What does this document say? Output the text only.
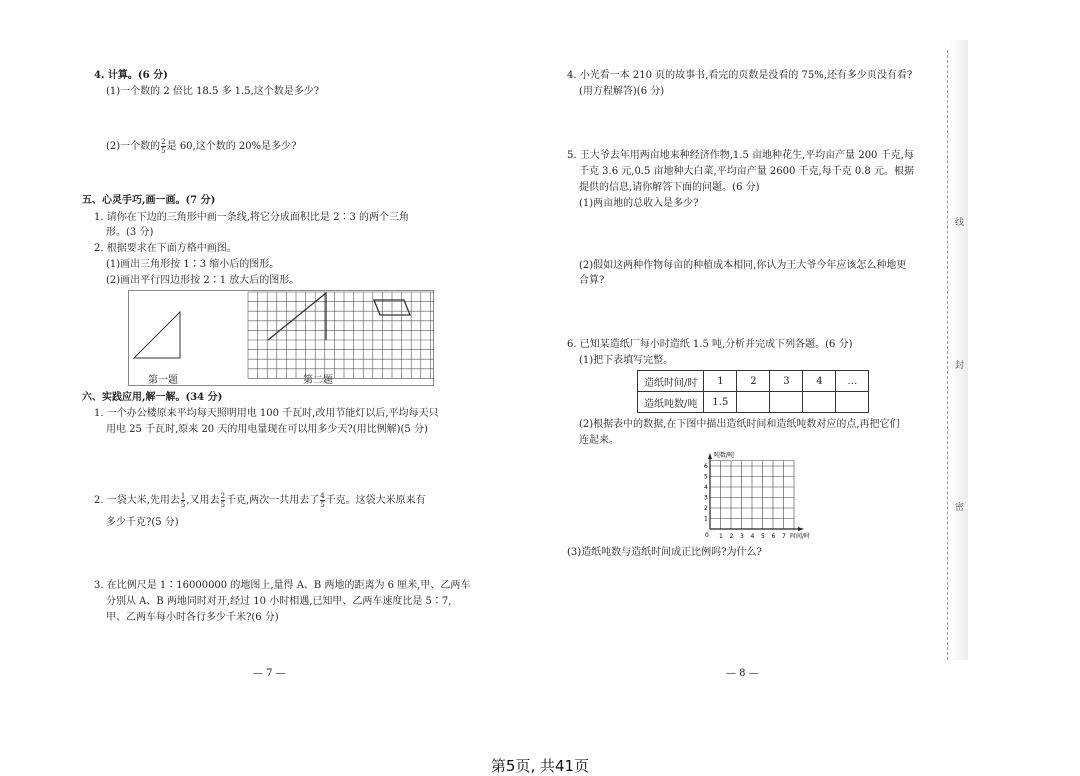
线
封
密
4. 计算。(6 分)
(1)一个数的 2 倍比 18.5 多 1.5,这个数是多少?
(2)一个数的 $\frac{2}{5}$ 是 60,这个数的 20%是多少?
五、心灵手巧,画一画。(7 分)
1. 请你在下边的三角形中画一条线,将它分成面积比是 2∶3 的两个三角
形。(3 分)
2. 根据要求在下面方格中画图。
(1)画出三角形按 1∶3 缩小后的图形。
(2)画出平行四边形按 2∶1 放大后的图形。
第一题	第二题
六、实践应用,解一解。(34 分)
1. 一个办公楼原来平均每天照明用电 100 千瓦时,改用节能灯以后,平均每天只
用电 25 千瓦时,原来 20 天的用电量现在可以用多少天?(用比例解)(5 分)
2. 一袋大米,先用去 $\frac{1}{5}$ ,又用去 $\frac{2}{5}$ 千克,两次一共用去了 $\frac{4}{5}$ 千克。这袋大米原来有
多少千克?(5 分)
3. 在比例尺是 1∶16000000 的地图上,量得 A、B 两地的距离为 6 厘米,甲、乙两车
分别从 A、B 两地同时对开,经过 10 小时相遇,已知甲、乙两车速度比是 5∶7,
甲、乙两车每小时各行多少千米?(6 分)
— 7 —
4. 小光看一本 210 页的故事书,看完的页数是没看的 75%,还有多少页没有看?
(用方程解答)(6 分)
5. 王大爷去年用两亩地来种经济作物,1.5 亩地种花生,平均亩产量 200 千克,每
千克 3.6 元,0.5 亩地种大白菜,平均亩产量 2600 千克,每千克 0.8 元。根据
提供的信息,请你解答下面的问题。(6 分)
(1)两亩地的总收入是多少?
(2)假如这两种作物每亩的种植成本相同,你认为王大爷今年应该怎么种地更
合算?
6. 已知某造纸厂每小时造纸 1.5 吨,分析并完成下列各题。(6 分)
(1)把下表填写完整。
造纸时间/时	1	2	3	4	…
造纸吨数/吨	1.5				
(2)根据表中的数据,在下图中描出造纸时间和造纸吨数对应的点,再把它们
连起来。
吨数/吨
时间/时
0
1
2
3
4
5
6
1 2 3 4 5 6 7
(3)造纸吨数与造纸时间成正比例吗?为什么?
— 8 —
第5页, 共41页
